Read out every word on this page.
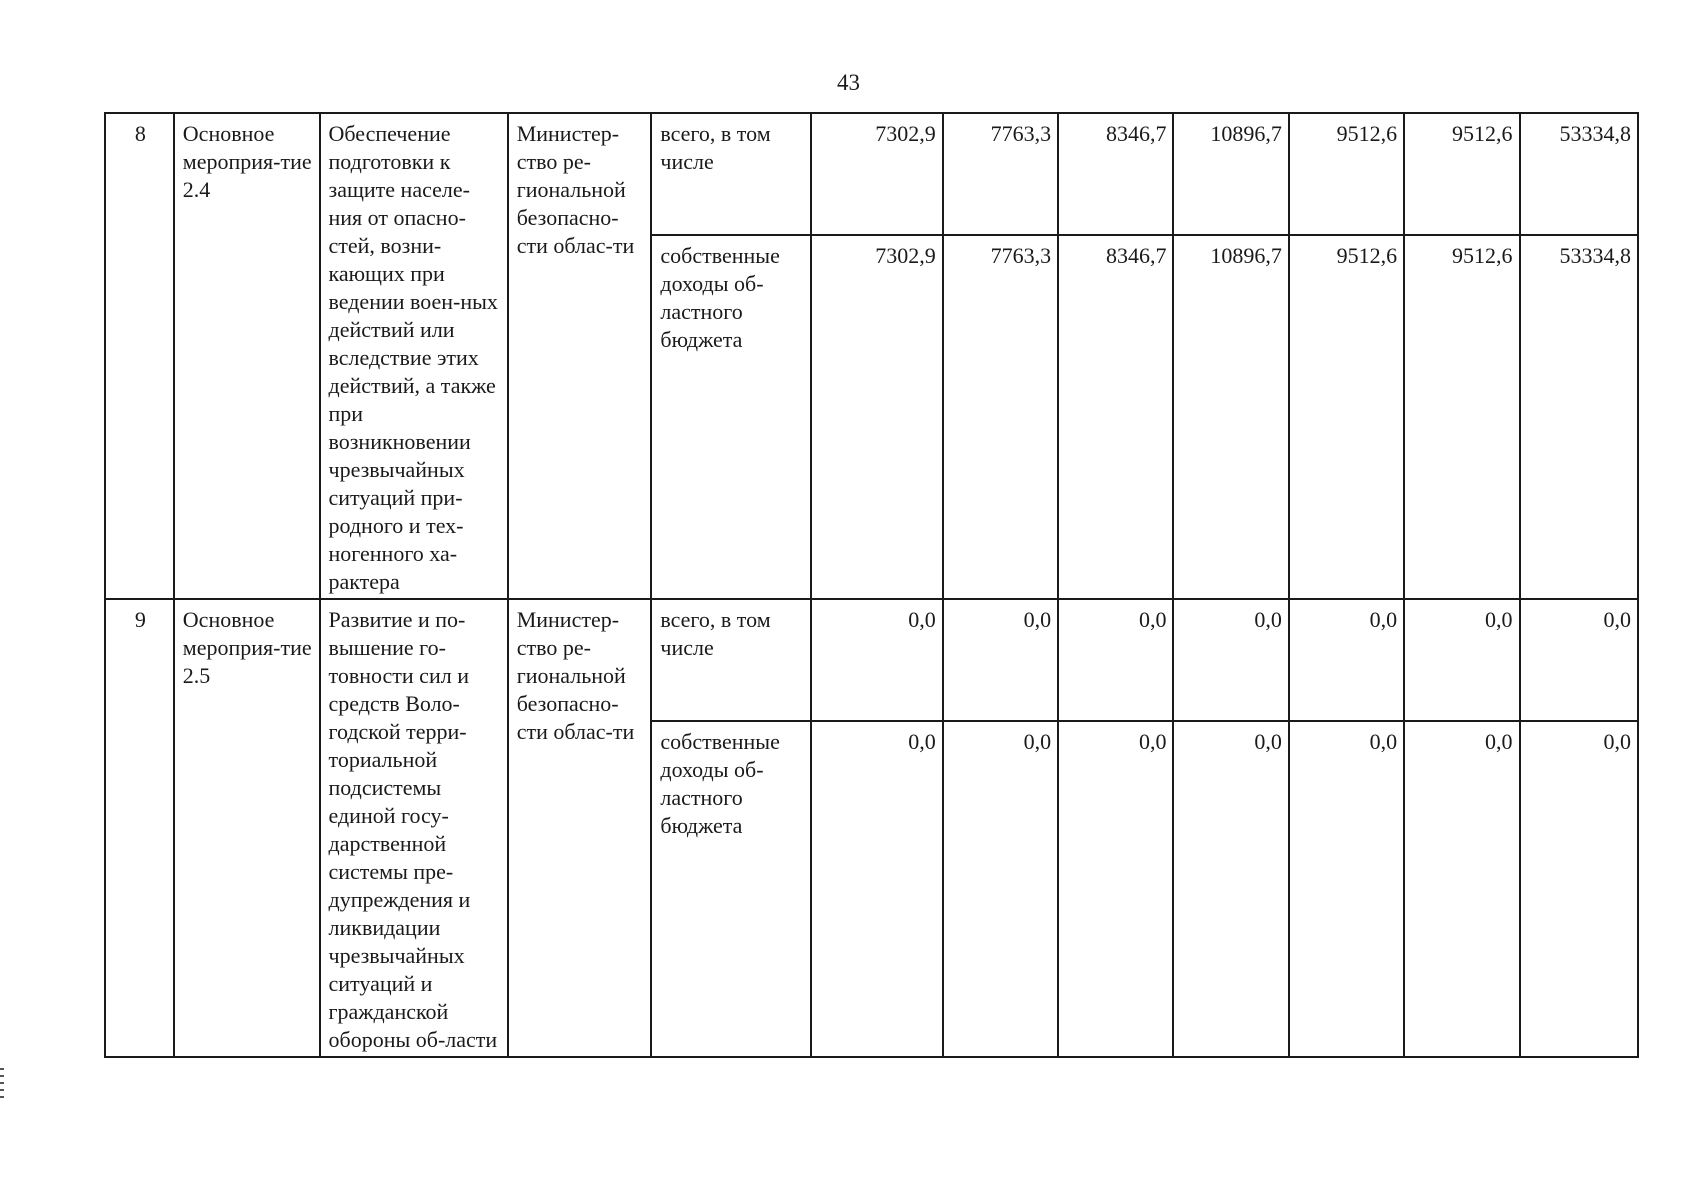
43
8	Основное мероприя-тие 2.4	Обеспечение подготовки к защите населе-ния от опасно-стей, возни-кающих при ведении воен-ных действий или вследствие этих действий, а также при возникновении чрезвычайных ситуаций при-родного и тех-ногенного ха-рактера	Министер-ство ре-гиональной безопасно-сти облас-ти	всего, в том числе	7302,9	7763,3	8346,7	10896,7	9512,6	9512,6	53334,8
				собственные доходы об-ластного бюджета	7302,9	7763,3	8346,7	10896,7	9512,6	9512,6	53334,8
9	Основное мероприя-тие 2.5	Развитие и по-вышение го-товности сил и средств Воло-годской терри-ториальной подсистемы единой госу-дарственной системы пре-дупреждения и ликвидации чрезвычайных ситуаций и гражданской обороны об-ласти	Министер-ство ре-гиональной безопасно-сти облас-ти	всего, в том числе	0,0	0,0	0,0	0,0	0,0	0,0	0,0
				собственные доходы об-ластного бюджета	0,0	0,0	0,0	0,0	0,0	0,0	0,0
